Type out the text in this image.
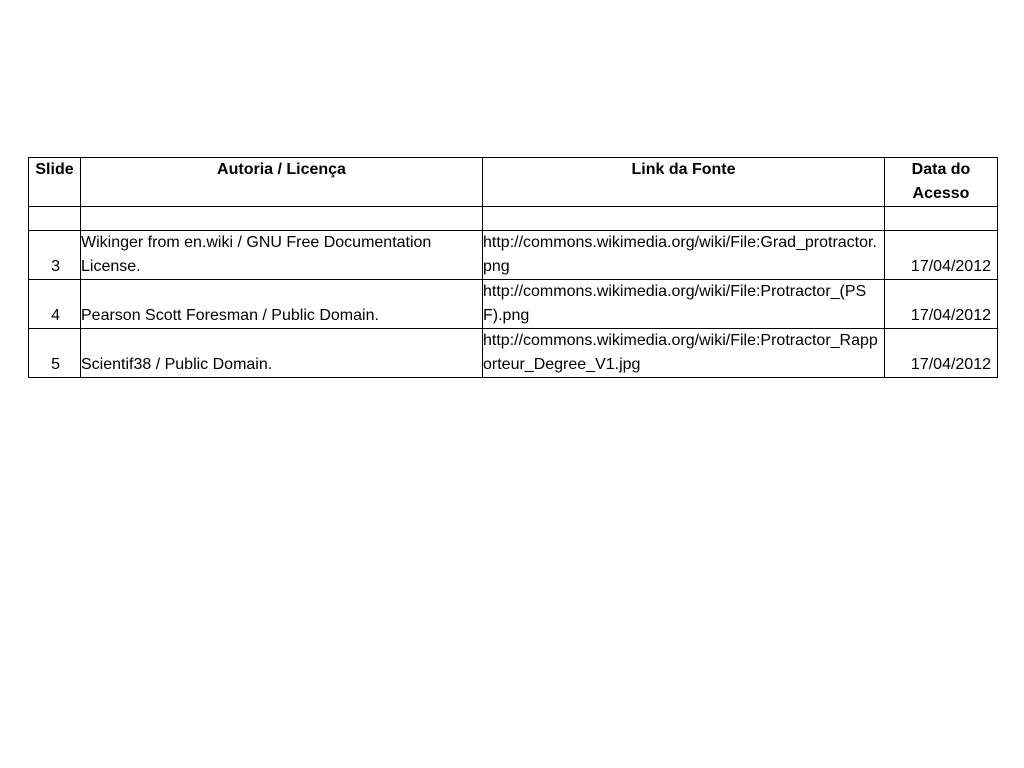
Slide	Autoria / Licença	Link da Fonte	Data do
Acesso

3	Wikinger from en.wiki / GNU Free Documentation License.	http://commons.wikimedia.org/wiki/File:Grad_protractor.png	17/04/2012
4	Pearson Scott Foresman / Public Domain.	http://commons.wikimedia.org/wiki/File:Protractor_(PSF).png	17/04/2012
5	Scientif38 / Public Domain.	http://commons.wikimedia.org/wiki/File:Protractor_Rapporteur_Degree_V1.jpg	17/04/2012
